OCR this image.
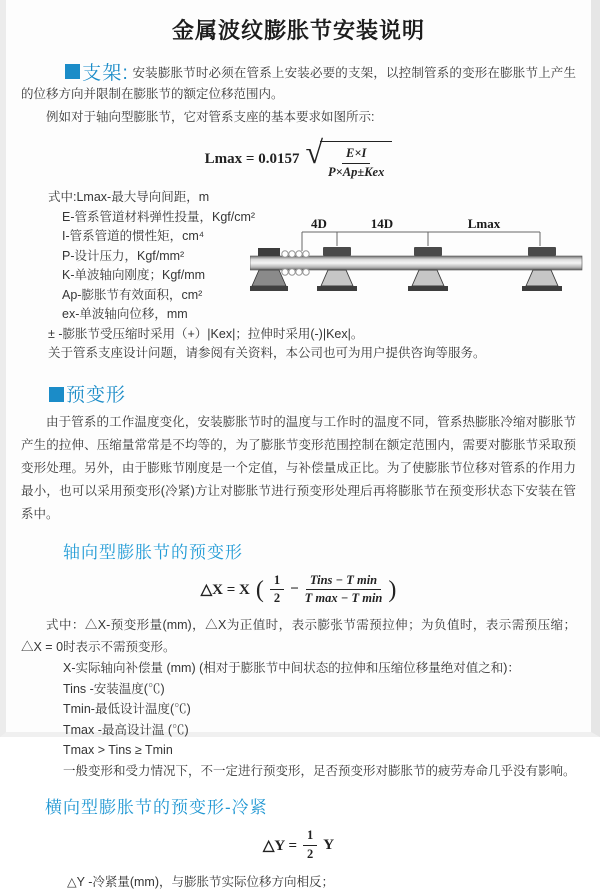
金属波纹膨胀节安装说明

支架: 安装膨胀节时必须在管系上安装必要的支架，以控制管系的变形在膨胀节上产生的位移方向并限制在膨胀节的额定位移范围内。

例如对于轴向型膨胀节，它对管系支座的基本要求如图所示:

Lmax = 0.0157 √ $\frac{E\times I}{\text{P×Ap±Kex}}$
式中:Lmax-最大导向间距，m
E-管系管道材料弹性投量，Kgf/cm²
I-管系管道的惯性矩，cm⁴
P-设计压力，Kgf/mm²
K-单波轴向刚度；Kgf/mm
Ap-膨胀节有效面积，cm²
ex-单波轴向位移，mm
± -膨胀节受压缩时采用（+）|Kex|；拉伸时采用(-)|Kex|。
关于管系支座设计问题，请参阅有关资料，本公司也可为用户提供咨询等服务。
4D	14D	Lmax
预变形

由于管系的工作温度变化，安装膨胀节时的温度与工作时的温度不同，管系热膨胀冷缩对膨胀节产生的拉伸、压缩量常常是不均等的，为了膨胀节变形范围控制在额定范围内，需要对膨胀节采取预变形处理。另外，由于膨账节刚度是一个定值，与补偿量成正比。为了使膨胀节位移对管系的作用力最小，也可以采用预变形(冷紧)方让对膨胀节进行预变形处理后再将膨胀节在预变形状态下安装在管系中。

轴向型膨胀节的预变形
△X = X ( $\frac{1}{2} - \frac{\text{Tins − T min}}{\text{T max − T min}}$ )

式中：△X-预变形量(mm)，△X为正值时，表示膨张节需预拉伸；为负值时，表示需预压缩；△X = 0时表示不需预变形。

X-实际轴向补偿量 (mm) (相对于膨胀节中间状态的拉伸和压缩位移量绝对值之和)：
Tins -安装温度(℃)
Tmin-最低设计温度(℃)
Tmax -最高设计温 (℃)
Tmax > Tins ≥ Tmin
一般变形和受力情况下，不一定进行预变形，足否预变形对膨胀节的疲劳寿命几乎没有影响。
横向型膨胀节的预变形-冷紧
△Y = $\frac{1}{2}$ Y
△Y -冷紧量(mm)，与膨胀节实际位移方向相反；
